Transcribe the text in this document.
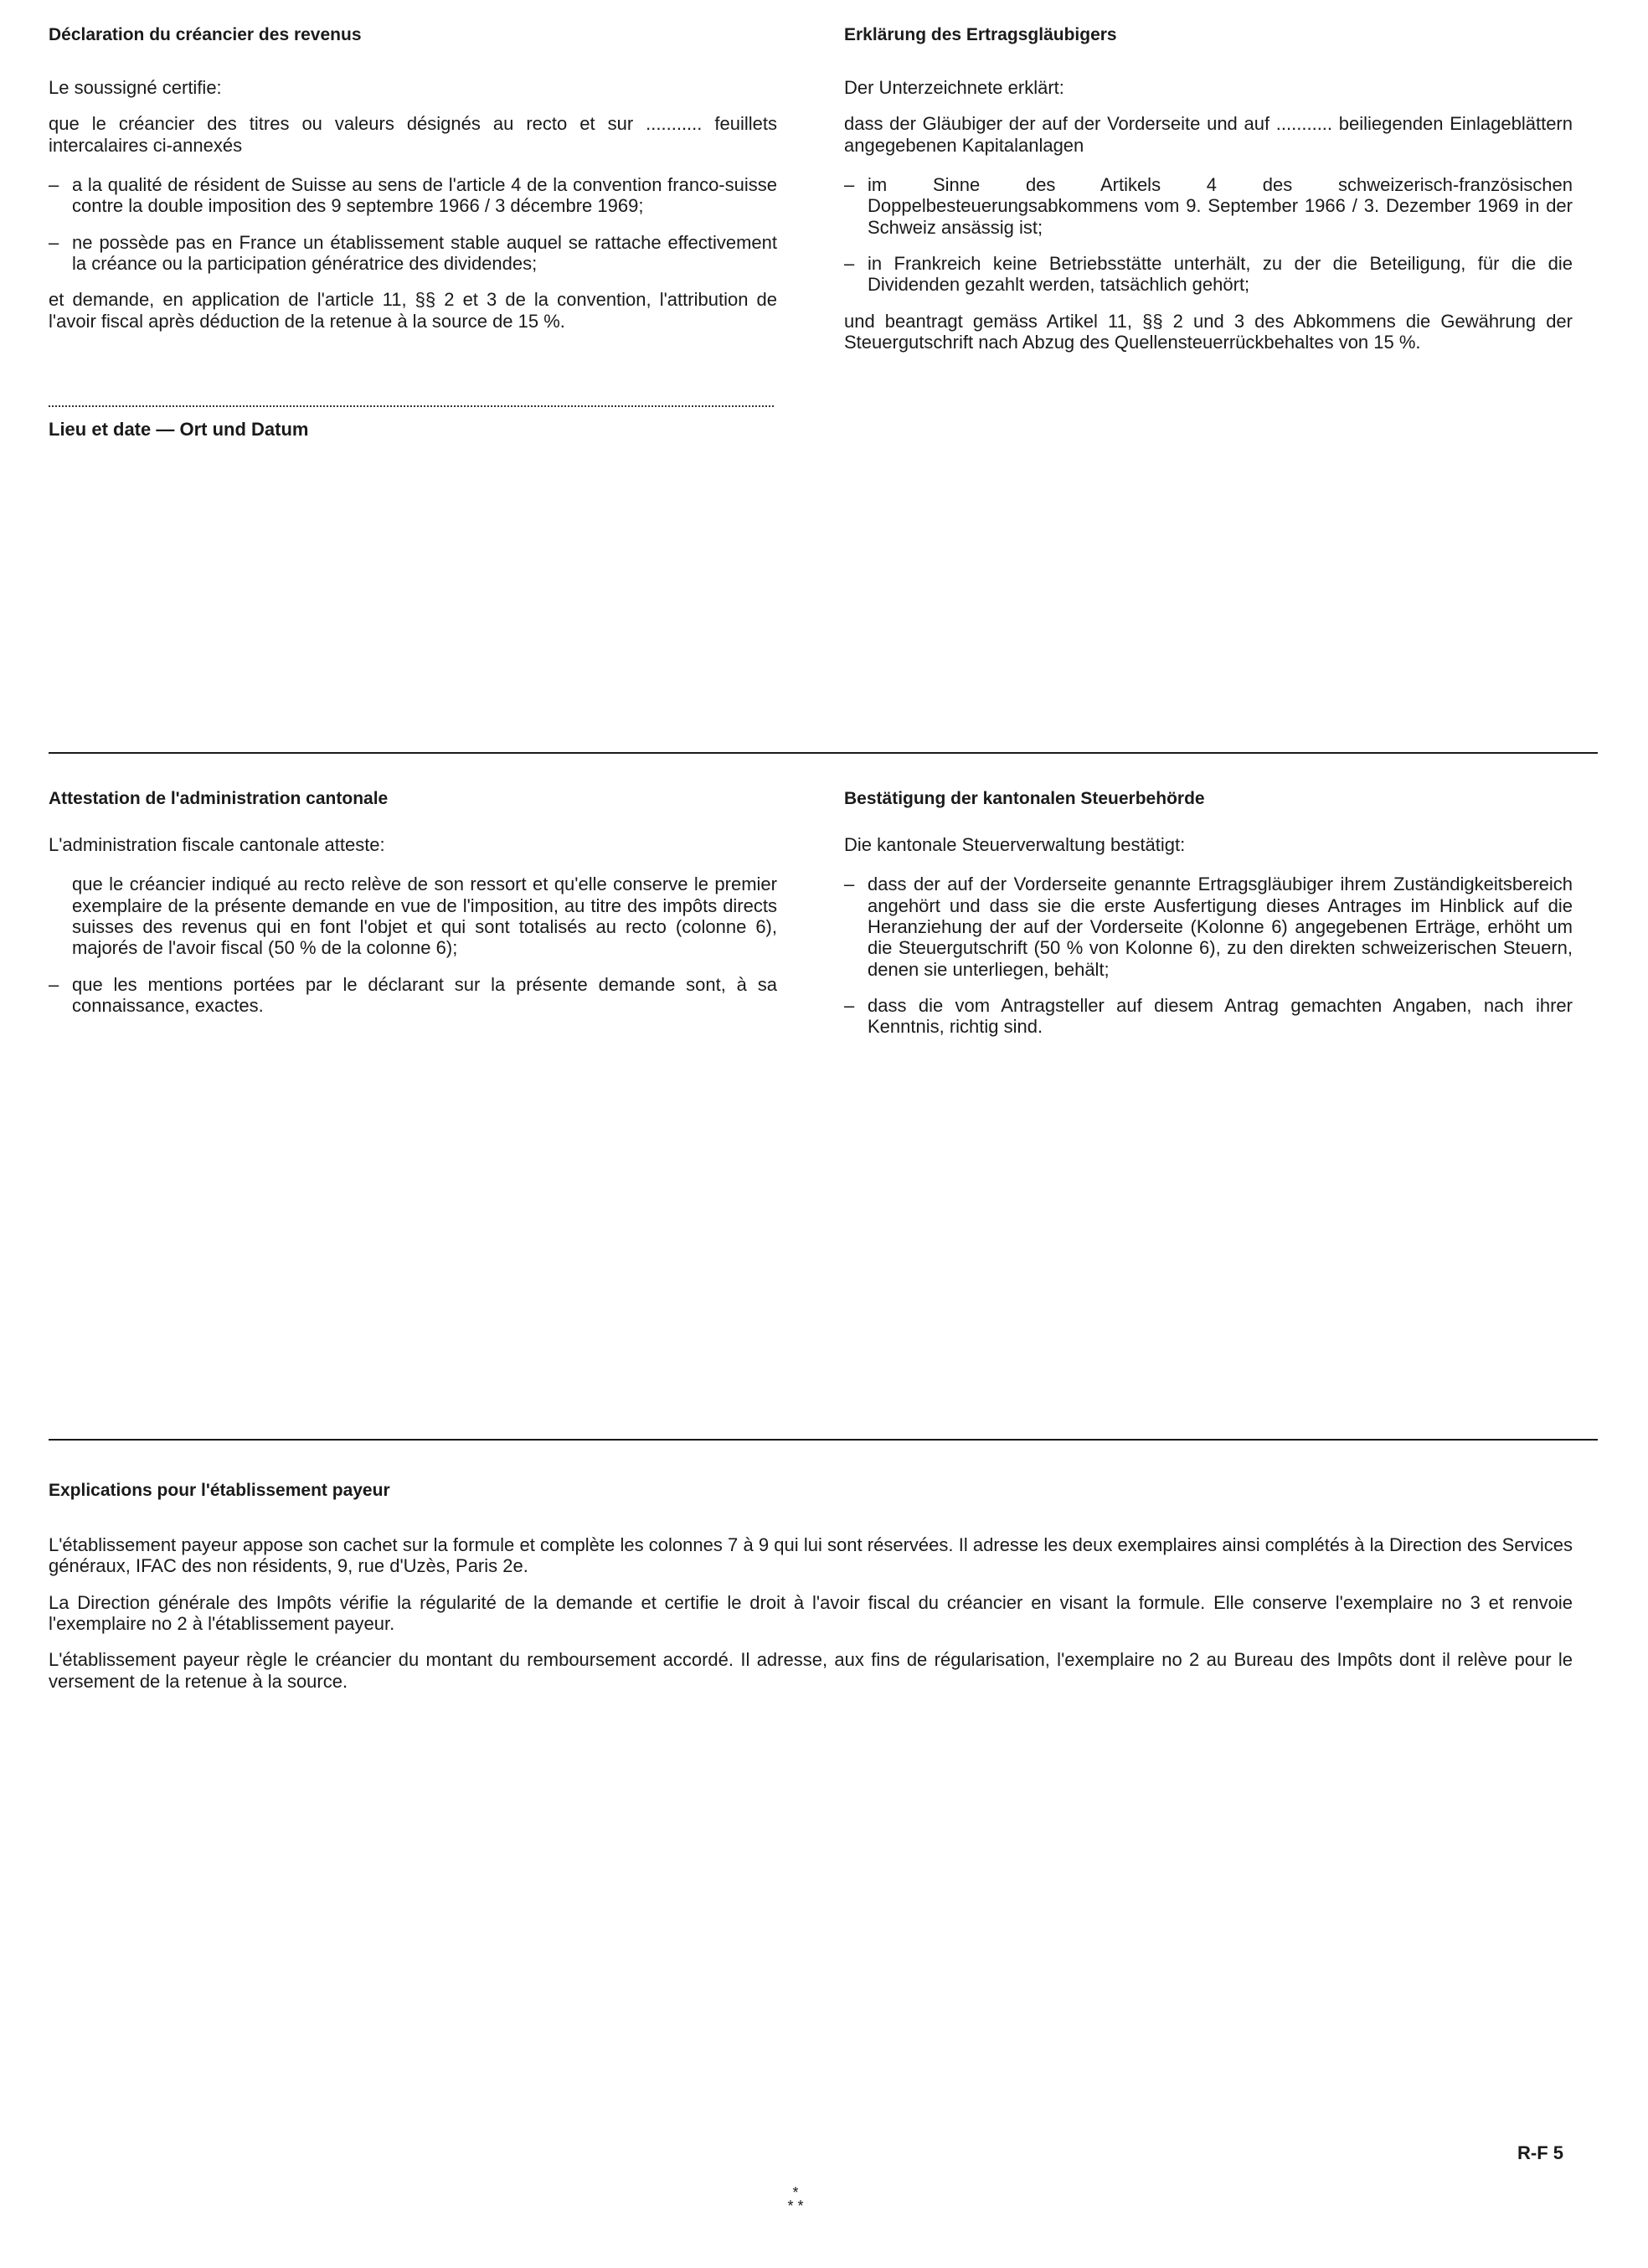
Déclaration du créancier des revenus

Le soussigné certifie:

que le créancier des titres ou valeurs désignés au recto et sur ........... feuillets intercalaires ci-annexés

– a la qualité de résident de Suisse au sens de l'article 4 de la convention franco-suisse contre la double imposition des 9 septembre 1966 / 3 décembre 1969;

– ne possède pas en France un établissement stable auquel se rattache effectivement la créance ou la participation génératrice des dividendes;

et demande, en application de l'article 11, §§ 2 et 3 de la convention, l'attribution de l'avoir fiscal après déduction de la retenue à la source de 15 %.

Lieu et date — Ort und Datum
Erklärung des Ertragsgläubigers

Der Unterzeichnete erklärt:

dass der Gläubiger der auf der Vorderseite und auf ........... beiliegenden Einlageblättern angegebenen Kapitalanlagen

– im Sinne des Artikels 4 des schweizerisch-französischen Doppelbesteuerungsabkommens vom 9. September 1966 / 3. Dezember 1969 in der Schweiz ansässig ist;

– in Frankreich keine Betriebsstätte unterhält, zu der die Beteiligung, für die die Dividenden gezahlt werden, tatsächlich gehört;

und beantragt gemäss Artikel 11, §§ 2 und 3 des Abkommens die Gewährung der Steuergutschrift nach Abzug des Quellensteuerrückbehaltes von 15 %.

Attestation de l'administration cantonale

L'administration fiscale cantonale atteste:

que le créancier indiqué au recto relève de son ressort et qu'elle conserve le premier exemplaire de la présente demande en vue de l'imposition, au titre des impôts directs suisses des revenus qui en font l'objet et qui sont totalisés au recto (colonne 6), majorés de l'avoir fiscal (50 % de la colonne 6);

– que les mentions portées par le déclarant sur la présente demande sont, à sa connaissance, exactes.

Bestätigung der kantonalen Steuerbehörde

Die kantonale Steuerverwaltung bestätigt:

– dass der auf der Vorderseite genannte Ertragsgläubiger ihrem Zuständigkeitsbereich angehört und dass sie die erste Ausfertigung dieses Antrages im Hinblick auf die Heranziehung der auf der Vorderseite (Kolonne 6) angegebenen Erträge, erhöht um die Steuergutschrift (50 % von Kolonne 6), zu den direkten schweizerischen Steuern, denen sie unterliegen, behält;

– dass die vom Antragsteller auf diesem Antrag gemachten Angaben, nach ihrer Kenntnis, richtig sind.

Explications pour l'établissement payeur

L'établissement payeur appose son cachet sur la formule et complète les colonnes 7 à 9 qui lui sont réservées. Il adresse les deux exemplaires ainsi complétés à la Direction des Services généraux, IFAC des non résidents, 9, rue d'Uzès, Paris 2e.

La Direction générale des Impôts vérifie la régularité de la demande et certifie le droit à l'avoir fiscal du créancier en visant la formule. Elle conserve l'exemplaire no 3 et renvoie l'exemplaire no 2 à l'établissement payeur.

L'établissement payeur règle le créancier du montant du remboursement accordé. Il adresse, aux fins de régularisation, l'exemplaire no 2 au Bureau des Impôts dont il relève pour le versement de la retenue à la source.

R-F 5
*
* *
